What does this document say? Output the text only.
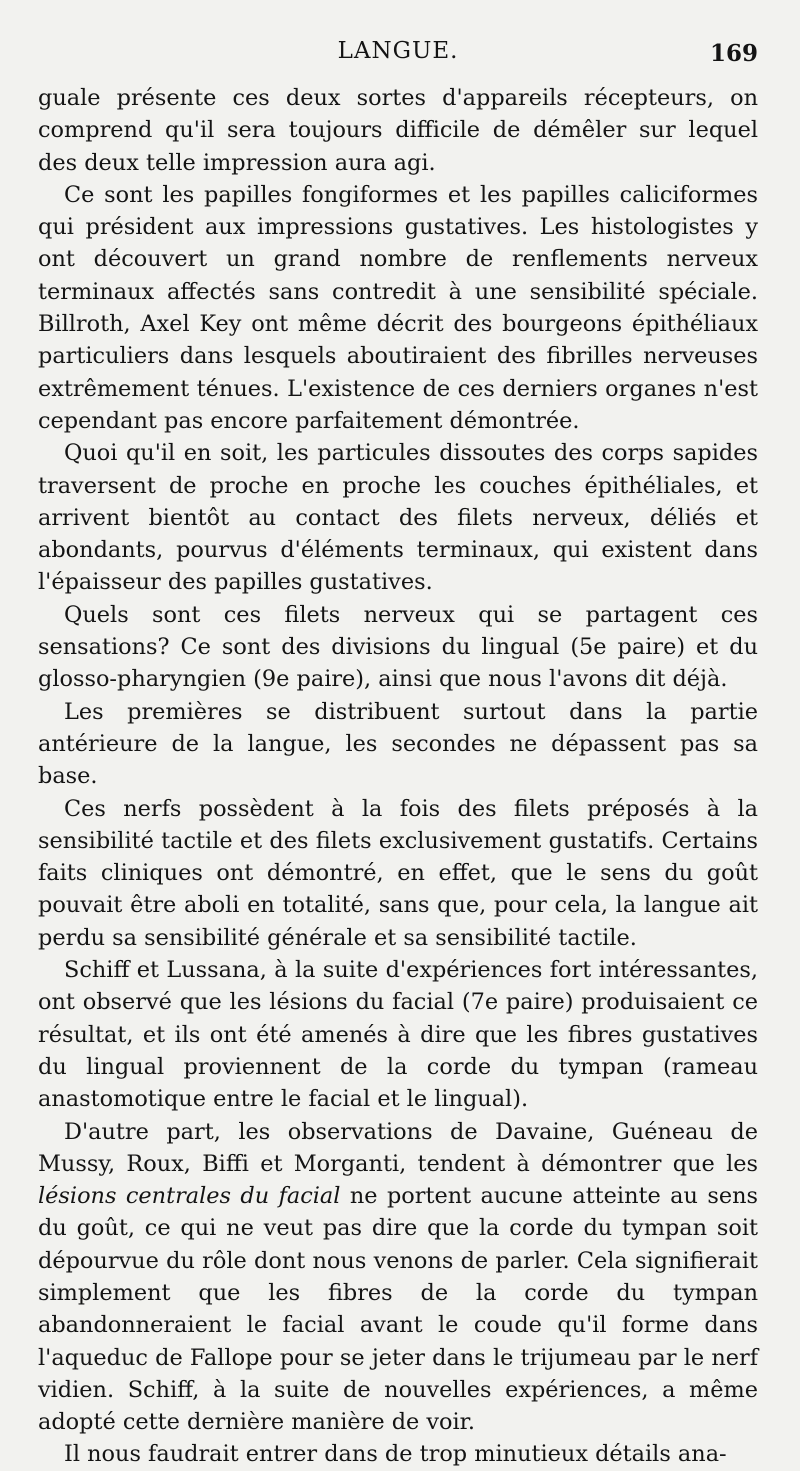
LANGUE.	169

guale présente ces deux sortes d'appareils récepteurs, on comprend qu'il sera toujours difficile de démêler sur lequel des deux telle impression aura agi.

Ce sont les papilles fongiformes et les papilles caliciformes qui président aux impressions gustatives. Les histologistes y ont découvert un grand nombre de renflements nerveux terminaux affectés sans contredit à une sensibilité spéciale. Billroth, Axel Key ont même décrit des bourgeons épithéliaux particuliers dans lesquels aboutiraient des fibrilles nerveuses extrêmement ténues. L'existence de ces derniers organes n'est cependant pas encore parfaitement démontrée.

Quoi qu'il en soit, les particules dissoutes des corps sapides traversent de proche en proche les couches épithéliales, et arrivent bientôt au contact des filets nerveux, déliés et abondants, pourvus d'éléments terminaux, qui existent dans l'épaisseur des papilles gustatives.

Quels sont ces filets nerveux qui se partagent ces sensations? Ce sont des divisions du lingual (5e paire) et du glosso-pharyngien (9e paire), ainsi que nous l'avons dit déjà.

Les premières se distribuent surtout dans la partie antérieure de la langue, les secondes ne dépassent pas sa base.

Ces nerfs possèdent à la fois des filets préposés à la sensibilité tactile et des filets exclusivement gustatifs. Certains faits cliniques ont démontré, en effet, que le sens du goût pouvait être aboli en totalité, sans que, pour cela, la langue ait perdu sa sensibilité générale et sa sensibilité tactile.

Schiff et Lussana, à la suite d'expériences fort intéressantes, ont observé que les lésions du facial (7e paire) produisaient ce résultat, et ils ont été amenés à dire que les fibres gustatives du lingual proviennent de la corde du tympan (rameau anastomotique entre le facial et le lingual).

D'autre part, les observations de Davaine, Guéneau de Mussy, Roux, Biffi et Morganti, tendent à démontrer que les lésions centrales du facial ne portent aucune atteinte au sens du goût, ce qui ne veut pas dire que la corde du tympan soit dépourvue du rôle dont nous venons de parler. Cela signifierait simplement que les fibres de la corde du tympan abandonneraient le facial avant le coude qu'il forme dans l'aqueduc de Fallope pour se jeter dans le trijumeau par le nerf vidien. Schiff, à la suite de nouvelles expériences, a même adopté cette dernière manière de voir.

Il nous faudrait entrer dans de trop minutieux détails ana-
